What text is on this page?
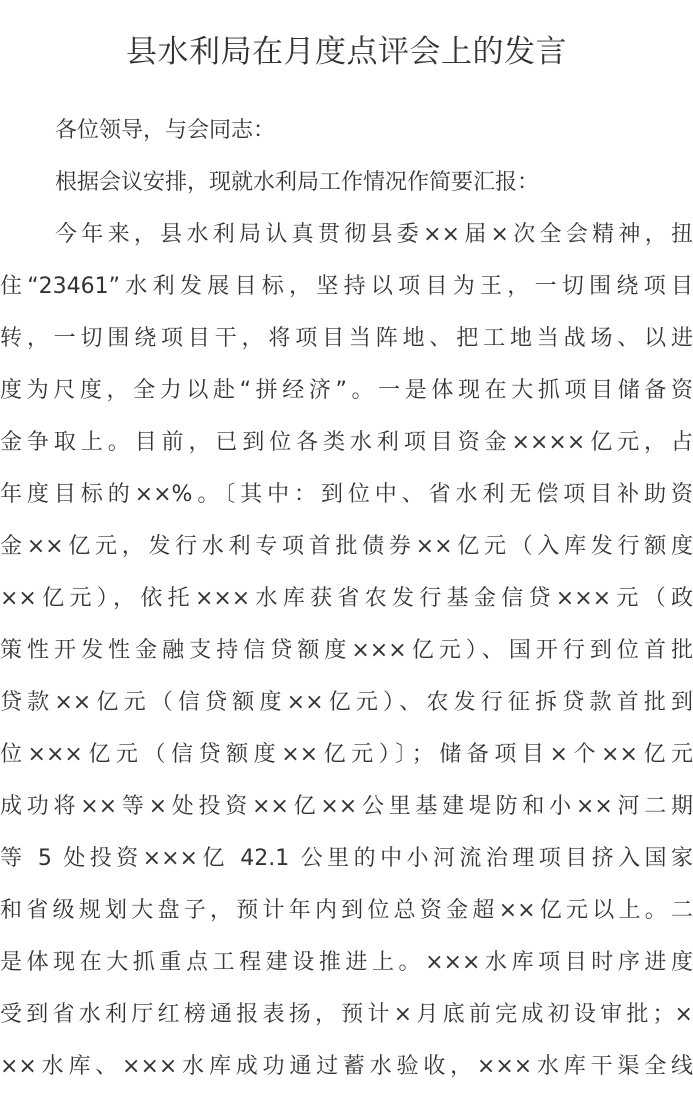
县水利局在月度点评会上的发言
各位领导，与会同志：
根据会议安排，现就水利局工作情况作简要汇报：
今年来，县水利局认真贯彻县委××届×次全会精神，扭
住“23461”水利发展目标，坚持以项目为王，一切围绕项目
转，一切围绕项目干，将项目当阵地、把工地当战场、以进
度为尺度，全力以赴“拼经济”。一是体现在大抓项目储备资
金争取上。目前，已到位各类水利项目资金××××亿元，占
年度目标的××%。〔其中：到位中、省水利无偿项目补助资
金××亿元，发行水利专项首批债券××亿元（入库发行额度
××亿元），依托×××水库获省农发行基金信贷×××元（政
策性开发性金融支持信贷额度×××亿元）、国开行到位首批
贷款××亿元（信贷额度××亿元）、农发行征拆贷款首批到
位×××亿元（信贷额度××亿元）〕；储备项目×个××亿元
成功将××等×处投资××亿××公里基建堤防和小××河二期
等 5 处投资×××亿 42.1 公里的中小河流治理项目挤入国家
和省级规划大盘子，预计年内到位总资金超××亿元以上。二
是体现在大抓重点工程建设推进上。×××水库项目时序进度
受到省水利厅红榜通报表扬，预计×月底前完成初设审批；×
××水库、×××水库成功通过蓄水验收，×××水库干渠全线
